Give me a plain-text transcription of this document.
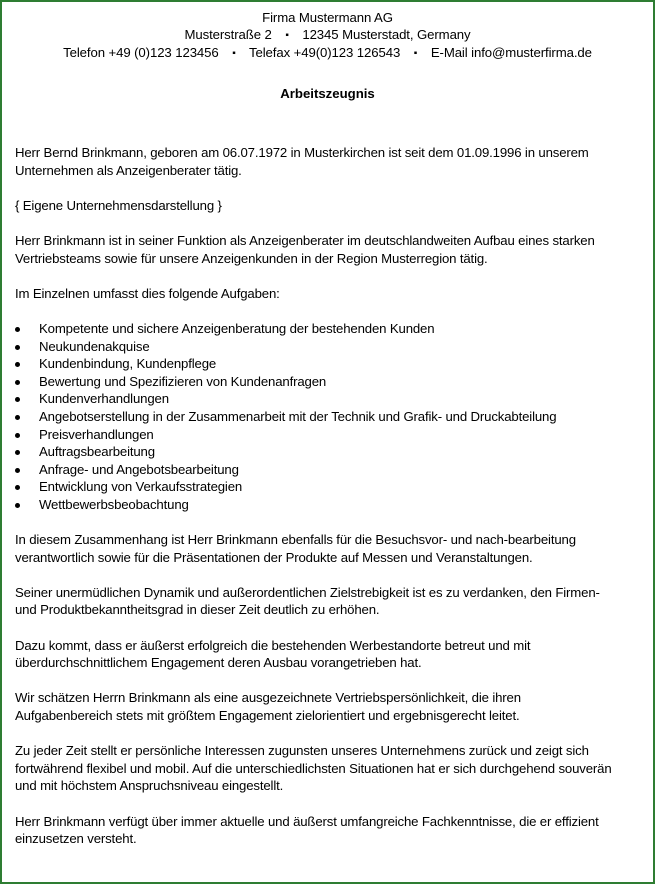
Firma Mustermann AG
Musterstraße 2 ▪ 12345 Musterstadt, Germany
Telefon +49 (0)123 123456 ▪ Telefax +49(0)123 126543 ▪ E-Mail info@musterfirma.de
Arbeitszeugnis

Herr Bernd Brinkmann, geboren am 06.07.1972 in Musterkirchen ist seit dem 01.09.1996 in unserem Unternehmen als Anzeigenberater tätig.

{ Eigene Unternehmensdarstellung }

Herr Brinkmann ist in seiner Funktion als Anzeigenberater im deutschlandweiten Aufbau eines starken Vertriebsteams sowie für unsere Anzeigenkunden in der Region Musterregion tätig.

Im Einzelnen umfasst dies folgende Aufgaben:

Kompetente und sichere Anzeigenberatung der bestehenden Kunden
Neukundenakquise
Kundenbindung, Kundenpflege
Bewertung und Spezifizieren von Kundenanfragen
Kundenverhandlungen
Angebotserstellung in der Zusammenarbeit mit der Technik und Grafik- und Druckabteilung
Preisverhandlungen
Auftragsbearbeitung
Anfrage- und Angebotsbearbeitung
Entwicklung von Verkaufsstrategien
Wettbewerbsbeobachtung

In diesem Zusammenhang ist Herr Brinkmann ebenfalls für die Besuchsvor- und nach-bearbeitung verantwortlich sowie für die Präsentationen der Produkte auf Messen und Veranstaltungen.

Seiner unermüdlichen Dynamik und außerordentlichen Zielstrebigkeit ist es zu verdanken, den Firmen- und Produktbekanntheitsgrad in dieser Zeit deutlich zu erhöhen.

Dazu kommt, dass er äußerst erfolgreich die bestehenden Werbestandorte betreut und mit überdurchschnittlichem Engagement deren Ausbau vorangetrieben hat.

Wir schätzen Herrn Brinkmann als eine ausgezeichnete Vertriebspersönlichkeit, die ihren Aufgabenbereich stets mit größtem Engagement zielorientiert und ergebnisgerecht leitet.

Zu jeder Zeit stellt er persönliche Interessen zugunsten unseres Unternehmens zurück und zeigt sich fortwährend flexibel und mobil. Auf die unterschiedlichsten Situationen hat er sich durchgehend souverän und mit höchstem Anspruchsniveau eingestellt.

Herr Brinkmann verfügt über immer aktuelle und äußerst umfangreiche Fachkenntnisse, die er effizient einzusetzen versteht.
